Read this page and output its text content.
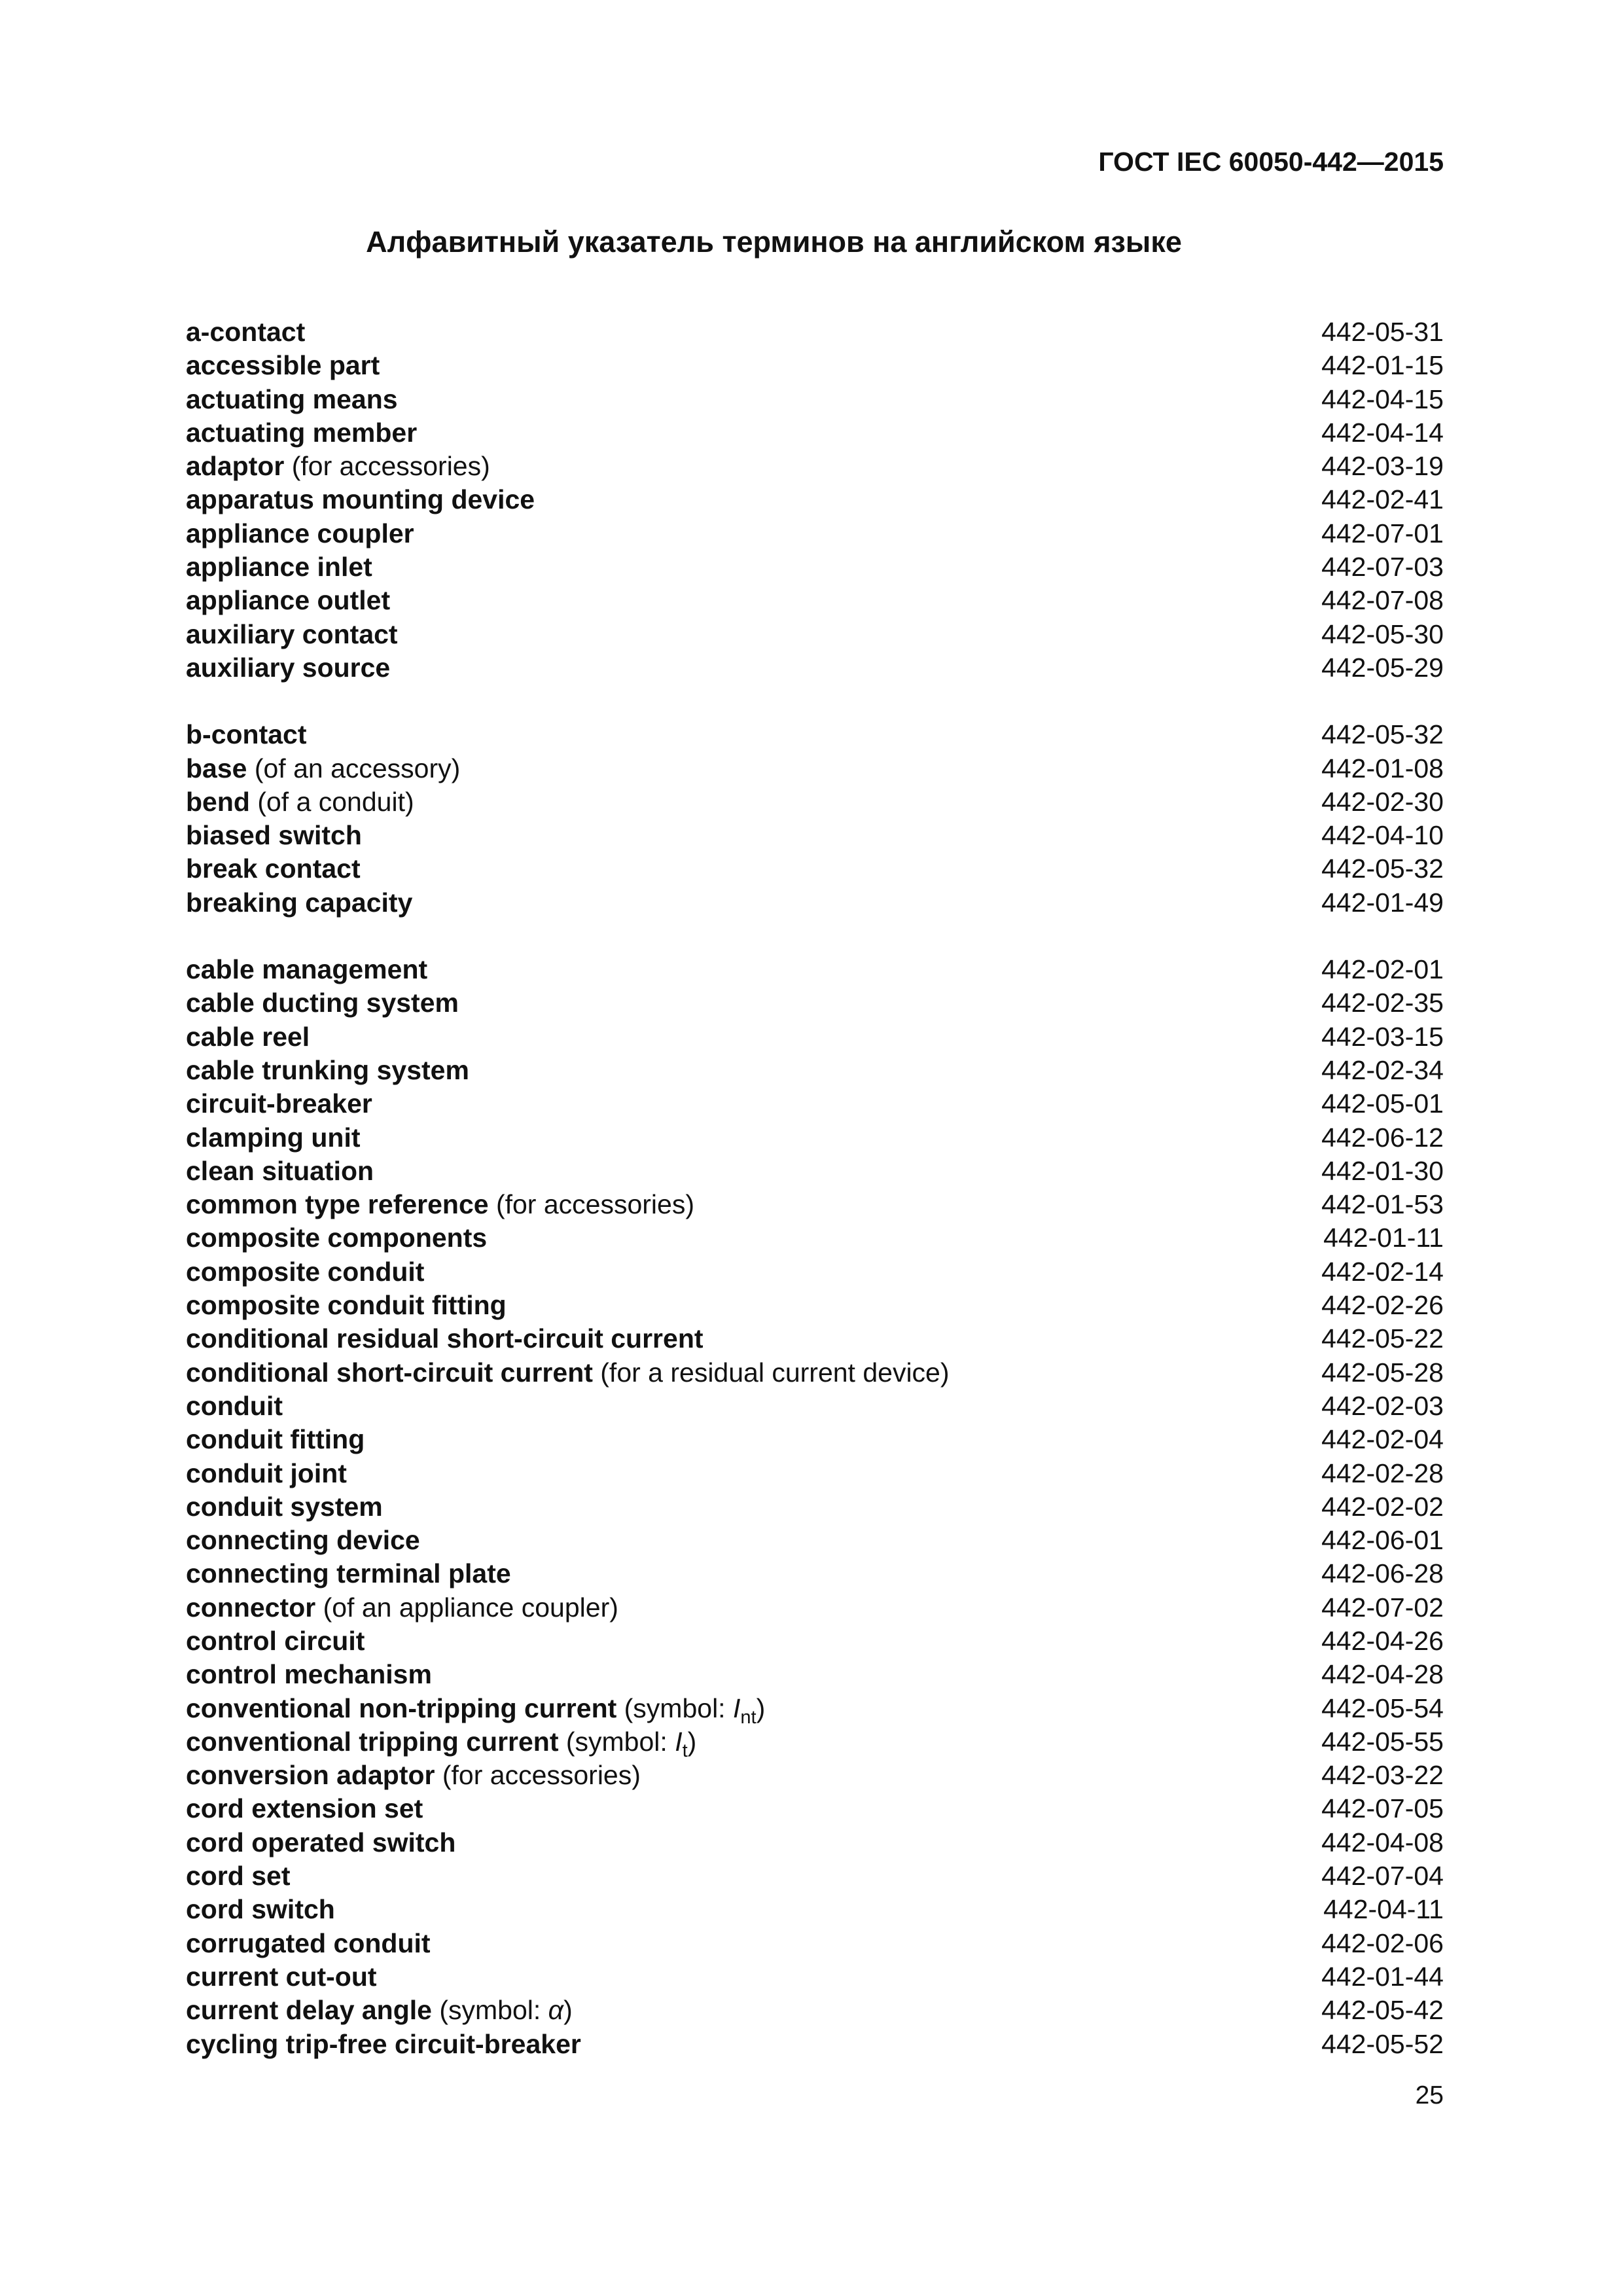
ГОСТ IEC 60050-442—2015
Алфавитный указатель терминов на английском языке
a-contact	442-05-31
accessible part	442-01-15
actuating means	442-04-15
actuating member	442-04-14
adaptor (for accessories)	442-03-19
apparatus mounting device	442-02-41
appliance coupler	442-07-01
appliance inlet	442-07-03
appliance outlet	442-07-08
auxiliary contact	442-05-30
auxiliary source	442-05-29
b-contact	442-05-32
base (of an accessory)	442-01-08
bend (of a conduit)	442-02-30
biased switch	442-04-10
break contact	442-05-32
breaking capacity	442-01-49
cable management	442-02-01
cable ducting system	442-02-35
cable reel	442-03-15
cable trunking system	442-02-34
circuit-breaker	442-05-01
clamping unit	442-06-12
clean situation	442-01-30
common type reference (for accessories)	442-01-53
composite components	442-01-11
composite conduit	442-02-14
composite conduit fitting	442-02-26
conditional residual short-circuit current	442-05-22
conditional short-circuit current (for a residual current device)	442-05-28
conduit	442-02-03
conduit fitting	442-02-04
conduit joint	442-02-28
conduit system	442-02-02
connecting device	442-06-01
connecting terminal plate	442-06-28
connector (of an appliance coupler)	442-07-02
control circuit	442-04-26
control mechanism	442-04-28
conventional non-tripping current (symbol: $I_{nt}$)	442-05-54
conventional tripping current (symbol: $I_t$)	442-05-55
conversion adaptor (for accessories)	442-03-22
cord extension set	442-07-05
cord operated switch	442-04-08
cord set	442-07-04
cord switch	442-04-11
corrugated conduit	442-02-06
current cut-out	442-01-44
current delay angle (symbol: α)	442-05-42
cycling trip-free circuit-breaker	442-05-52
25
